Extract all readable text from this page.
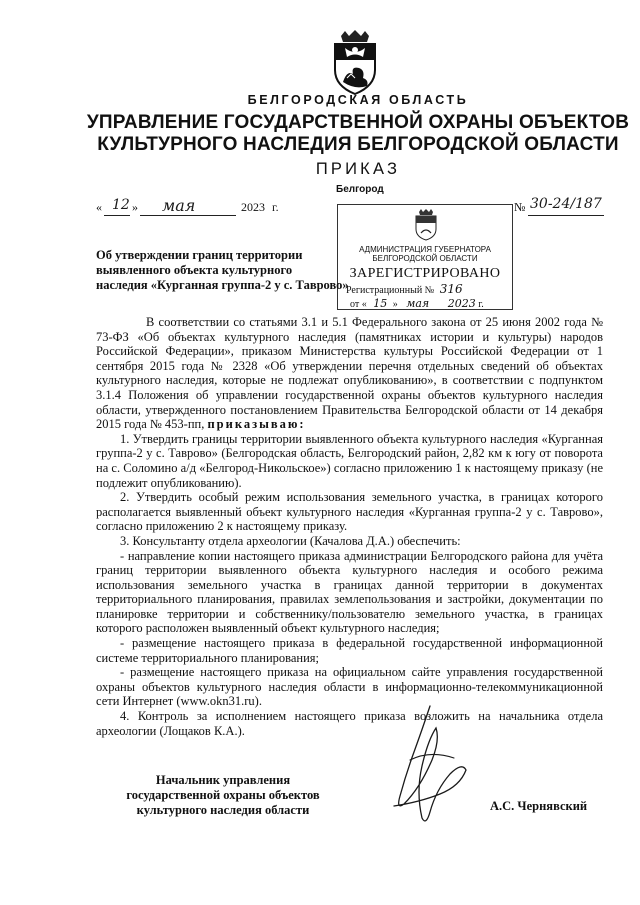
БЕЛГОРОДСКАЯ ОБЛАСТЬ
УПРАВЛЕНИЕ ГОСУДАРСТВЕННОЙ ОХРАНЫ ОБЪЕКТОВ
КУЛЬТУРНОГО НАСЛЕДИЯ БЕЛГОРОДСКОЙ ОБЛАСТИ
ПРИКАЗ
Белгород
« 12 » мая	2023 г.	№ 30-24/187
АДМИНИСТРАЦИЯ ГУБЕРНАТОРА
БЕЛГОРОДСКОЙ ОБЛАСТИ
ЗАРЕГИСТРИРОВАНО
Регистрационный № 316
от « 15 » мая 2023 г.
Об утверждении границ территории
выявленного объекта культурного
наследия «Курганная группа-2 у с. Таврово»

В соответствии со статьями 3.1 и 5.1 Федерального закона от 25 июня 2002 года № 73-ФЗ «Об объектах культурного наследия (памятниках истории и культуры) народов Российской Федерации», приказом Министерства культуры Российской Федерации от 1 сентября 2015 года № 2328 «Об утверждении перечня отдельных сведений об объектах культурного наследия, которые не подлежат опубликованию», в соответствии с подпунктом 3.1.4 Положения об управлении государственной охраны объектов культурного наследия области, утвержденного постановлением Правительства Белгородской области от 14 декабря 2015 года № 453-пп, приказываю:

1. Утвердить границы территории выявленного объекта культурного наследия «Курганная группа-2 у с. Таврово» (Белгородская область, Белгородский район, 2,82 км к югу от поворота на с. Соломино а/д «Белгород-Никольское») согласно приложению 1 к настоящему приказу (не подлежит опубликованию).

2. Утвердить особый режим использования земельного участка, в границах которого располагается выявленный объект культурного наследия «Курганная группа-2 у с. Таврово», согласно приложению 2 к настоящему приказу.

3. Консультанту отдела археологии (Качалова Д.А.) обеспечить:

- направление копии настоящего приказа администрации Белгородского района для учёта границ территории выявленного объекта культурного наследия и особого режима использования земельного участка в границах данной территории в документах территориального планирования, правилах землепользования и застройки, документации по планировке территории и собственнику/пользователю земельного участка, в границах которого расположен выявленный объект культурного наследия;

- размещение настоящего приказа в федеральной государственной информационной системе территориального планирования;

- размещение настоящего приказа на официальном сайте управления государственной охраны объектов культурного наследия области в информационно-телекоммуникационной сети Интернет (www.okn31.ru).

4. Контроль за исполнением настоящего приказа возложить на начальника отдела археологии (Лощаков К.А.).

Начальник управления
государственной охраны объектов
культурного наследия области	А.С. Чернявский
